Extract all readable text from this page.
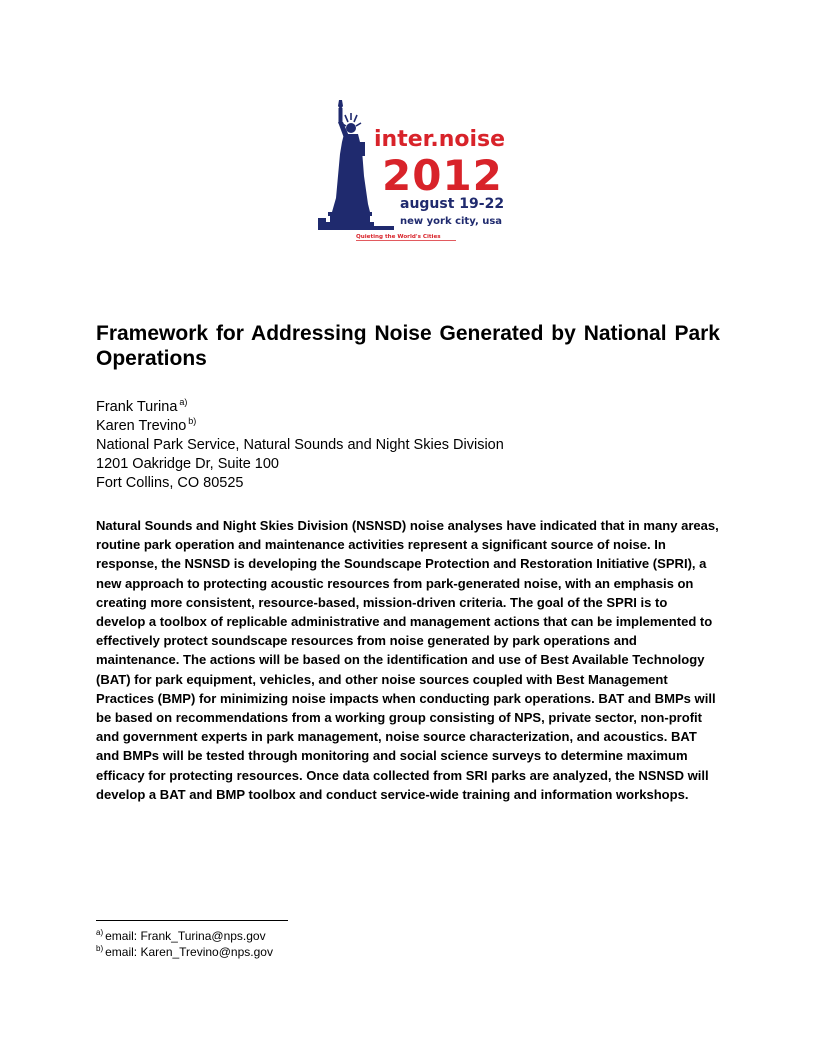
inter.noise
2012
august 19-22
new york city, usa
Quieting the World's Cities
Framework for Addressing Noise Generated by National Park Operations
Frank Turina $^{a)}$
Karen Trevino $^{b)}$
National Park Service, Natural Sounds and Night Skies Division
1201 Oakridge Dr, Suite 100
Fort Collins, CO 80525

Natural Sounds and Night Skies Division (NSNSD) noise analyses have indicated that in many areas, routine park operation and maintenance activities represent a significant source of noise. In response, the NSNSD is developing the Soundscape Protection and Restoration Initiative (SPRI), a new approach to protecting acoustic resources from park-generated noise, with an emphasis on creating more consistent, resource-based, mission-driven criteria. The goal of the SPRI is to develop a toolbox of replicable administrative and management actions that can be implemented to effectively protect soundscape resources from noise generated by park operations and maintenance. The actions will be based on the identification and use of Best Available Technology (BAT) for park equipment, vehicles, and other noise sources coupled with Best Management Practices (BMP) for minimizing noise impacts when conducting park operations. BAT and BMPs will be based on recommendations from a working group consisting of NPS, private sector, non-profit and government experts in park management, noise source characterization, and acoustics. BAT and BMPs will be tested through monitoring and social science surveys to determine maximum efficacy for protecting resources. Once data collected from SRI parks are analyzed, the NSNSD will develop a BAT and BMP toolbox and conduct service-wide training and information workshops.

$^{a)}$ email: Frank_Turina@nps.gov
$^{b)}$ email: Karen_Trevino@nps.gov
